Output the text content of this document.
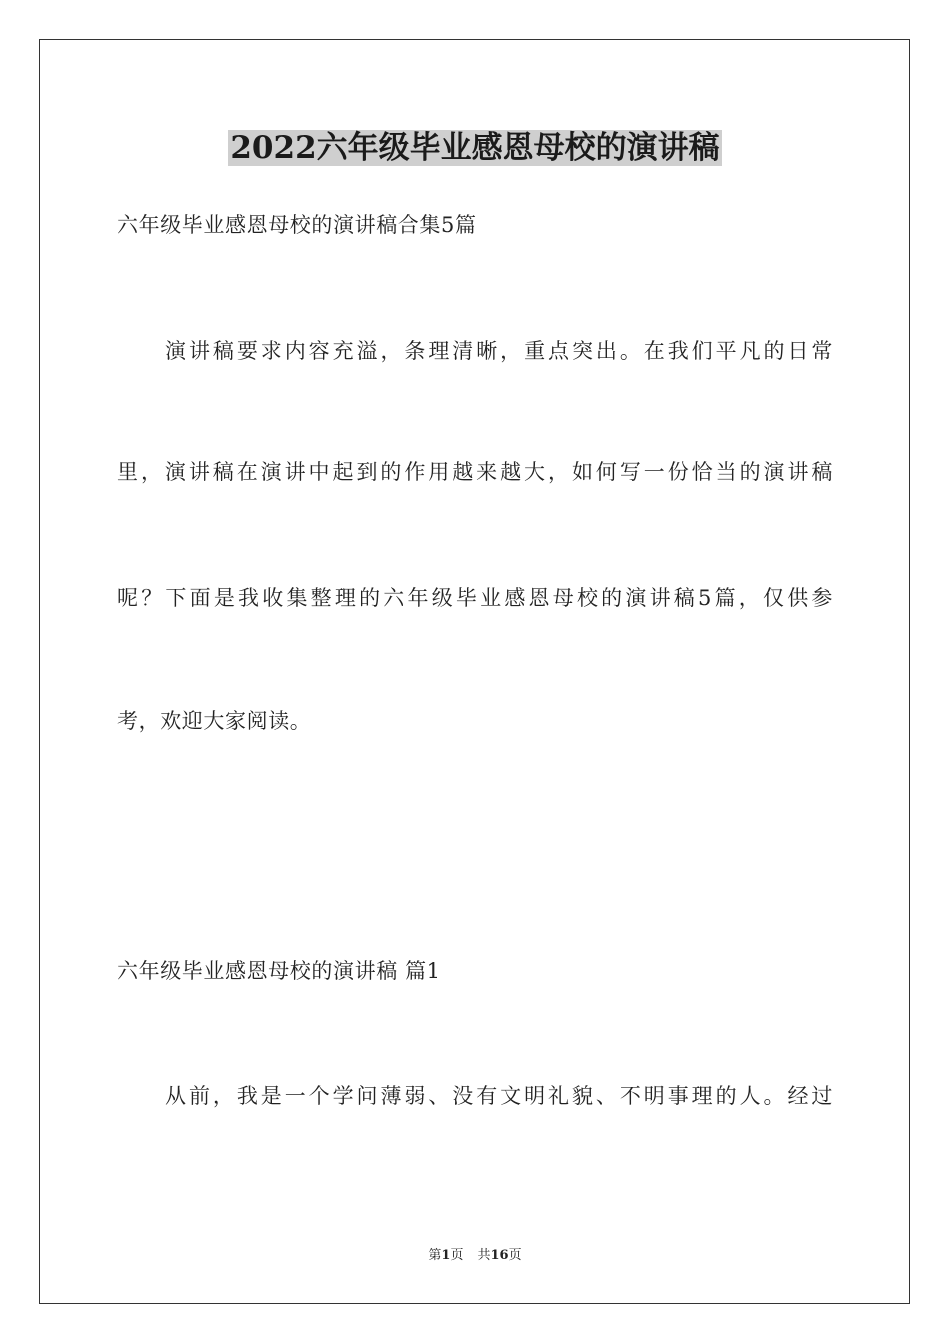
2022六年级毕业感恩母校的演讲稿
六年级毕业感恩母校的演讲稿合集5篇
演讲稿要求内容充溢，条理清晰，重点突出。在我们平凡的日常
里，演讲稿在演讲中起到的作用越来越大，如何写一份恰当的演讲稿
呢？下面是我收集整理的六年级毕业感恩母校的演讲稿5篇，仅供参
考，欢迎大家阅读。
六年级毕业感恩母校的演讲稿 篇1
从前，我是一个学问薄弱、没有文明礼貌、不明事理的人。经过
第1页 共16页
